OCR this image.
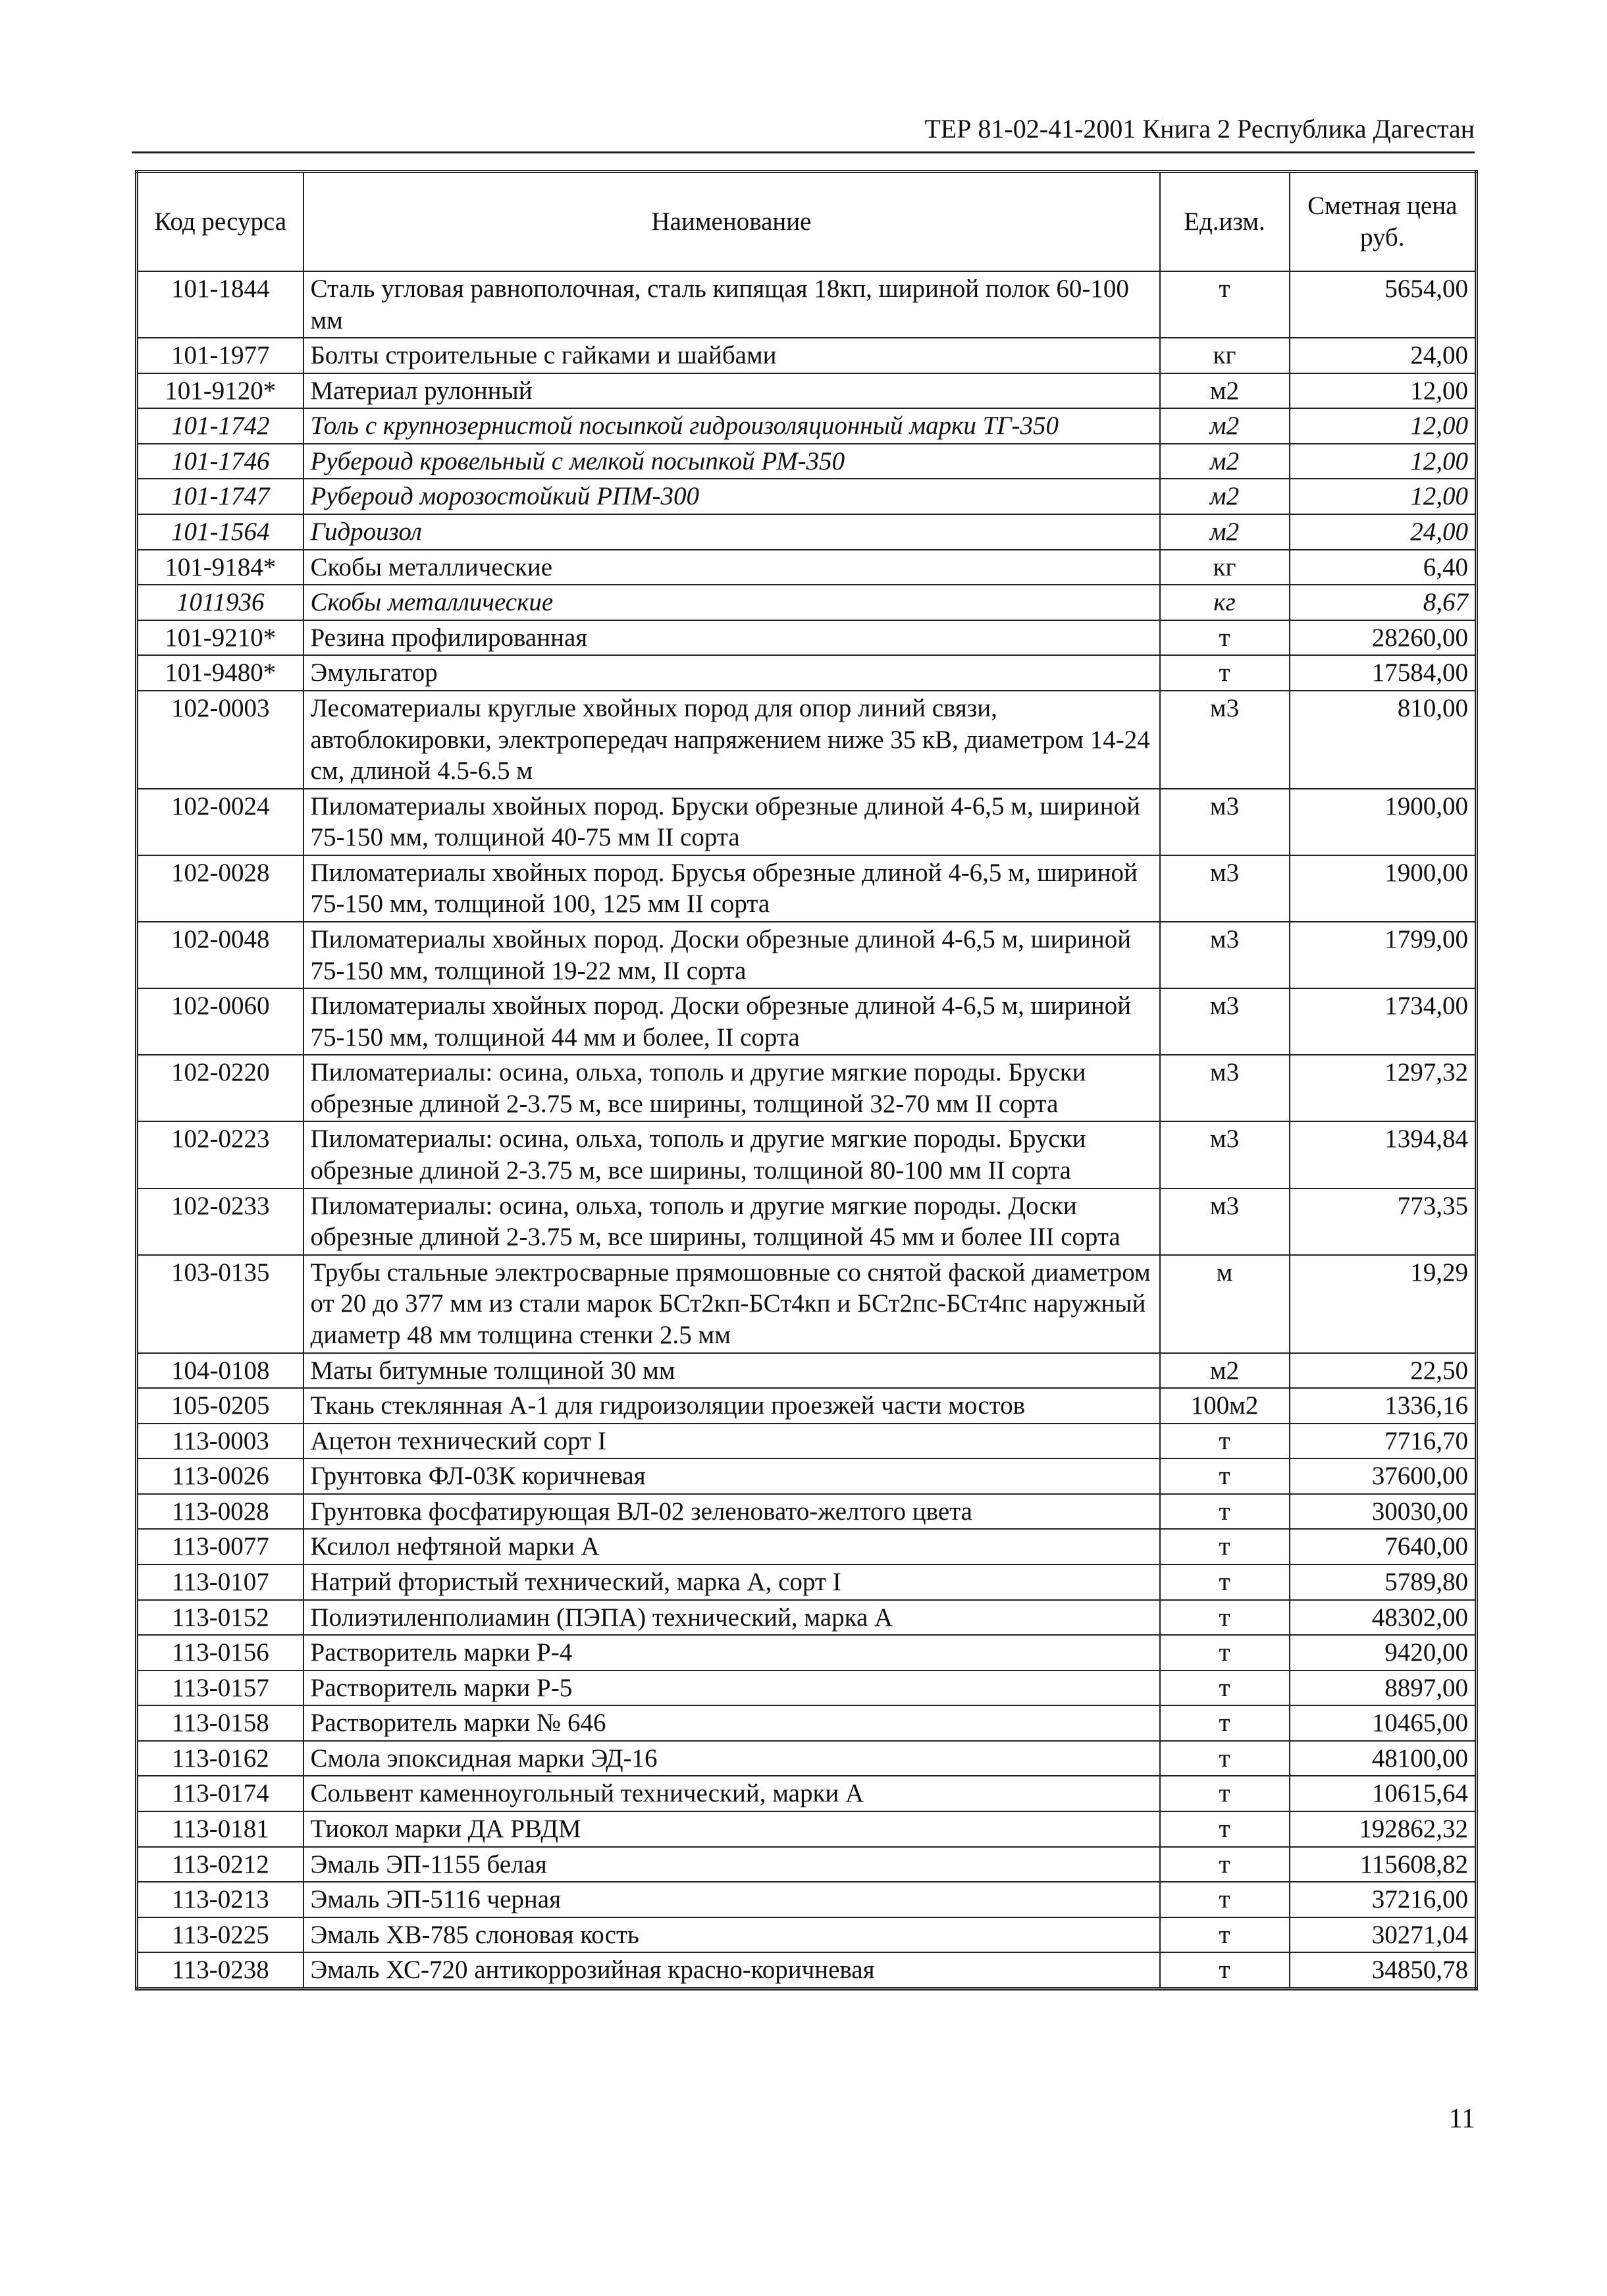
ТЕР 81-02-41-2001 Книга 2 Республика Дагестан
Код ресурса	Наименование	Ед.изм.	Сметная цена руб.
101-1844	Сталь угловая равнополочная, сталь кипящая 18кп, шириной полок 60-100 мм	т	5654,00
101-1977	Болты строительные с гайками и шайбами	кг	24,00
101-9120*	Материал рулонный	м2	12,00
101-1742	Толь с крупнозернистой посыпкой гидроизоляционный марки ТГ-350	м2	12,00
101-1746	Рубероид кровельный с мелкой посыпкой РМ-350	м2	12,00
101-1747	Рубероид морозостойкий РПМ-300	м2	12,00
101-1564	Гидроизол	м2	24,00
101-9184*	Скобы металлические	кг	6,40
1011936	Скобы металлические	кг	8,67
101-9210*	Резина профилированная	т	28260,00
101-9480*	Эмульгатор	т	17584,00
102-0003	Лесоматериалы круглые хвойных пород для опор линий связи, автоблокировки, электропередач напряжением ниже 35 кВ, диаметром 14-24 см, длиной 4.5-6.5 м	м3	810,00
102-0024	Пиломатериалы хвойных пород. Бруски обрезные длиной 4-6,5 м, шириной 75-150 мм, толщиной 40-75 мм II сорта	м3	1900,00
102-0028	Пиломатериалы хвойных пород. Брусья обрезные длиной 4-6,5 м, шириной 75-150 мм, толщиной 100, 125 мм II сорта	м3	1900,00
102-0048	Пиломатериалы хвойных пород. Доски обрезные длиной 4-6,5 м, шириной 75-150 мм, толщиной 19-22 мм, II сорта	м3	1799,00
102-0060	Пиломатериалы хвойных пород. Доски обрезные длиной 4-6,5 м, шириной 75-150 мм, толщиной 44 мм и более, II сорта	м3	1734,00
102-0220	Пиломатериалы: осина, ольха, тополь и другие мягкие породы. Бруски обрезные длиной 2-3.75 м, все ширины, толщиной 32-70 мм II сорта	м3	1297,32
102-0223	Пиломатериалы: осина, ольха, тополь и другие мягкие породы. Бруски обрезные длиной 2-3.75 м, все ширины, толщиной 80-100 мм II сорта	м3	1394,84
102-0233	Пиломатериалы: осина, ольха, тополь и другие мягкие породы. Доски обрезные длиной 2-3.75 м, все ширины, толщиной 45 мм и более III сорта	м3	773,35
103-0135	Трубы стальные электросварные прямошовные со снятой фаской диаметром от 20 до 377 мм из стали марок БСт2кп-БСт4кп и БСт2пс-БСт4пс наружный диаметр 48 мм толщина стенки 2.5 мм	м	19,29
104-0108	Маты битумные толщиной 30 мм	м2	22,50
105-0205	Ткань стеклянная А-1 для гидроизоляции проезжей части мостов	100м2	1336,16
113-0003	Ацетон технический сорт I	т	7716,70
113-0026	Грунтовка ФЛ-03К коричневая	т	37600,00
113-0028	Грунтовка фосфатирующая ВЛ-02 зеленовато-желтого цвета	т	30030,00
113-0077	Ксилол нефтяной марки А	т	7640,00
113-0107	Натрий фтористый технический, марка А, сорт I	т	5789,80
113-0152	Полиэтиленполиамин (ПЭПА) технический, марка А	т	48302,00
113-0156	Растворитель марки Р-4	т	9420,00
113-0157	Растворитель марки Р-5	т	8897,00
113-0158	Растворитель марки № 646	т	10465,00
113-0162	Смола эпоксидная марки ЭД-16	т	48100,00
113-0174	Сольвент каменноугольный технический, марки А	т	10615,64
113-0181	Тиокол марки ДА РВДМ	т	192862,32
113-0212	Эмаль ЭП-1155 белая	т	115608,82
113-0213	Эмаль ЭП-5116 черная	т	37216,00
113-0225	Эмаль ХВ-785 слоновая кость	т	30271,04
113-0238	Эмаль ХС-720 антикоррозийная красно-коричневая	т	34850,78
11
